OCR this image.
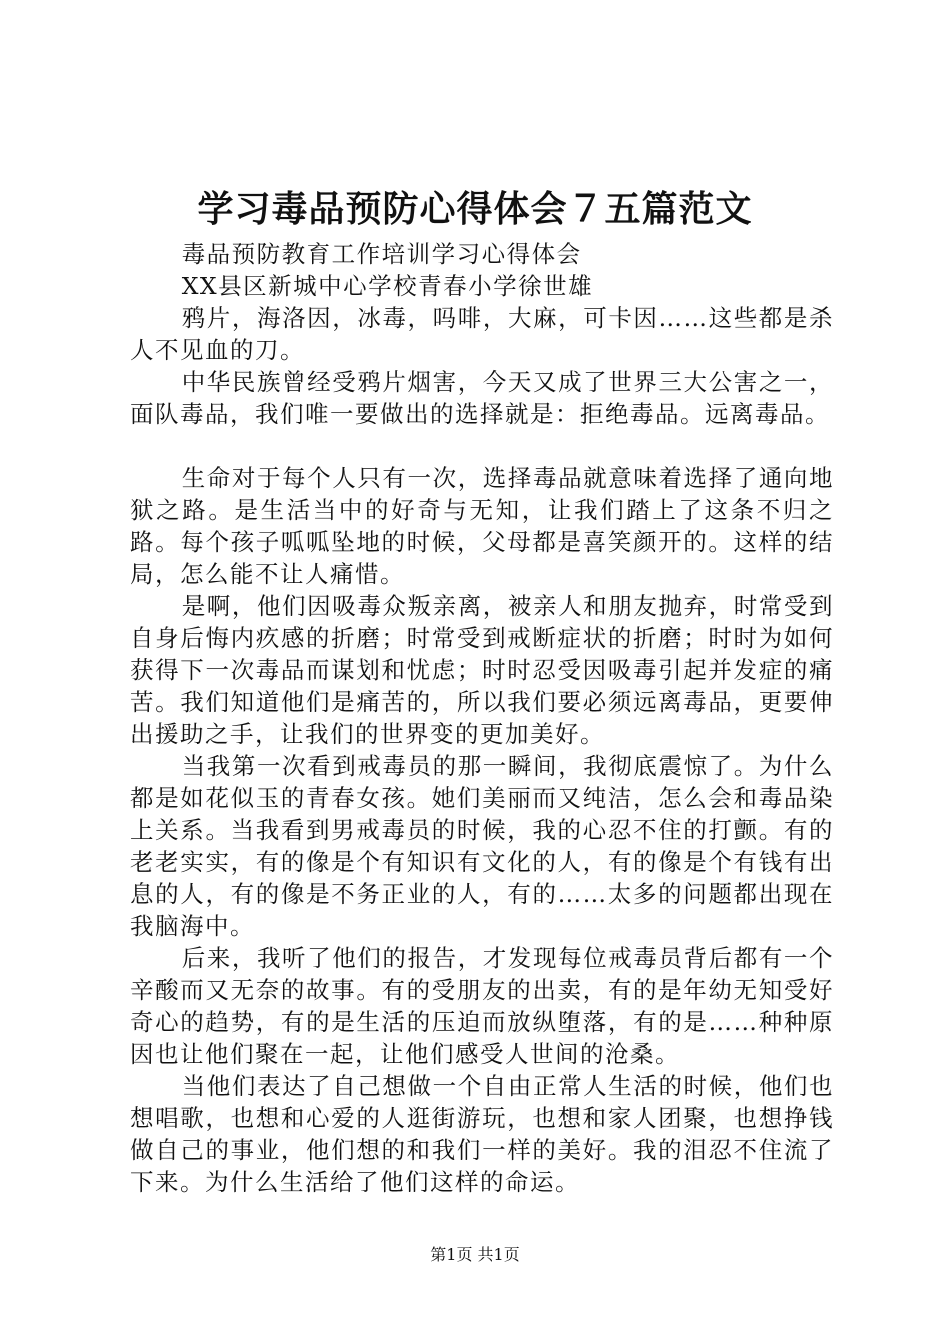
学习毒品预防心得体会７五篇范文

毒品预防教育工作培训学习心得体会

XX县区新城中心学校青春小学徐世雄

鸦片，海洛因，冰毒，吗啡，大麻，可卡因……这些都是杀人不见血的刀。

中华民族曾经受鸦片烟害，今天又成了世界三大公害之一，面队毒品，我们唯一要做出的选择就是：拒绝毒品。远离毒品。

生命对于每个人只有一次，选择毒品就意味着选择了通向地狱之路。是生活当中的好奇与无知，让我们踏上了这条不归之路。每个孩子呱呱坠地的时候，父母都是喜笑颜开的。这样的结局，怎么能不让人痛惜。

是啊，他们因吸毒众叛亲离，被亲人和朋友抛弃，时常受到自身后悔内疚感的折磨；时常受到戒断症状的折磨；时时为如何获得下一次毒品而谋划和忧虑；时时忍受因吸毒引起并发症的痛苦。我们知道他们是痛苦的，所以我们要必须远离毒品，更要伸出援助之手，让我们的世界变的更加美好。

当我第一次看到戒毒员的那一瞬间，我彻底震惊了。为什么都是如花似玉的青春女孩。她们美丽而又纯洁，怎么会和毒品染上关系。当我看到男戒毒员的时候，我的心忍不住的打颤。有的老老实实，有的像是个有知识有文化的人，有的像是个有钱有出息的人，有的像是不务正业的人，有的……太多的问题都出现在我脑海中。

后来，我听了他们的报告，才发现每位戒毒员背后都有一个辛酸而又无奈的故事。有的受朋友的出卖，有的是年幼无知受好奇心的趋势，有的是生活的压迫而放纵堕落，有的是……种种原因也让他们聚在一起，让他们感受人世间的沧桑。

当他们表达了自己想做一个自由正常人生活的时候，他们也想唱歌，也想和心爱的人逛街游玩，也想和家人团聚，也想挣钱做自己的事业，他们想的和我们一样的美好。我的泪忍不住流了下来。为什么生活给了他们这样的命运。

第1页 共1页
